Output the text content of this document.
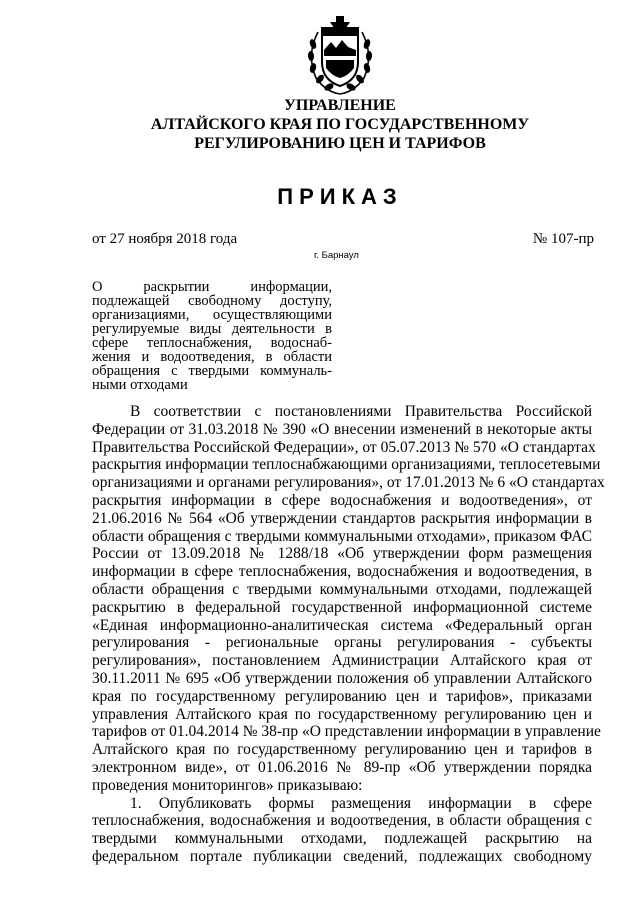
УПРАВЛЕНИЕ
АЛТАЙСКОГО КРАЯ ПО ГОСУДАРСТВЕННОМУ
РЕГУЛИРОВАНИЮ ЦЕН И ТАРИФОВ
ПРИКАЗ
от 27 ноября 2018 года	№ 107-пр
г. Барнаул
О раскрытии информации,
подлежащей свободному доступу,
организациями, осуществляющими
регулируемые виды деятельности в
сфере теплоснабжения, водоснаб-
жения и водоотведения, в области
обращения с твердыми коммуналь-
ными отходами
В соответствии с постановлениями Правительства Российской
Федерации от 31.03.2018 № 390 «О внесении изменений в некоторые акты
Правительства Российской Федерации», от 05.07.2013 № 570 «О стандартах
раскрытия информации теплоснабжающими организациями, теплосетевыми
организациями и органами регулирования», от 17.01.2013 № 6 «О стандартах
раскрытия информации в сфере водоснабжения и водоотведения», от
21.06.2016 № 564 «Об утверждении стандартов раскрытия информации в
области обращения с твердыми коммунальными отходами», приказом ФАС
России от 13.09.2018 № 1288/18 «Об утверждении форм размещения
информации в сфере теплоснабжения, водоснабжения и водоотведения, в
области обращения с твердыми коммунальными отходами, подлежащей
раскрытию в федеральной государственной информационной системе
«Единая информационно-аналитическая система «Федеральный орган
регулирования - региональные органы регулирования - субъекты
регулирования», постановлением Администрации Алтайского края от
30.11.2011 № 695 «Об утверждении положения об управлении Алтайского
края по государственному регулированию цен и тарифов», приказами
управления Алтайского края по государственному регулированию цен и
тарифов от 01.04.2014 № 38-пр «О представлении информации в управление
Алтайского края по государственному регулированию цен и тарифов в
электронном виде», от 01.06.2016 № 89-пр «Об утверждении порядка
проведения мониторингов» приказываю:
1. Опубликовать формы размещения информации в сфере
теплоснабжения, водоснабжения и водоотведения, в области обращения с
твердыми коммунальными отходами, подлежащей раскрытию на
федеральном портале публикации сведений, подлежащих свободному
